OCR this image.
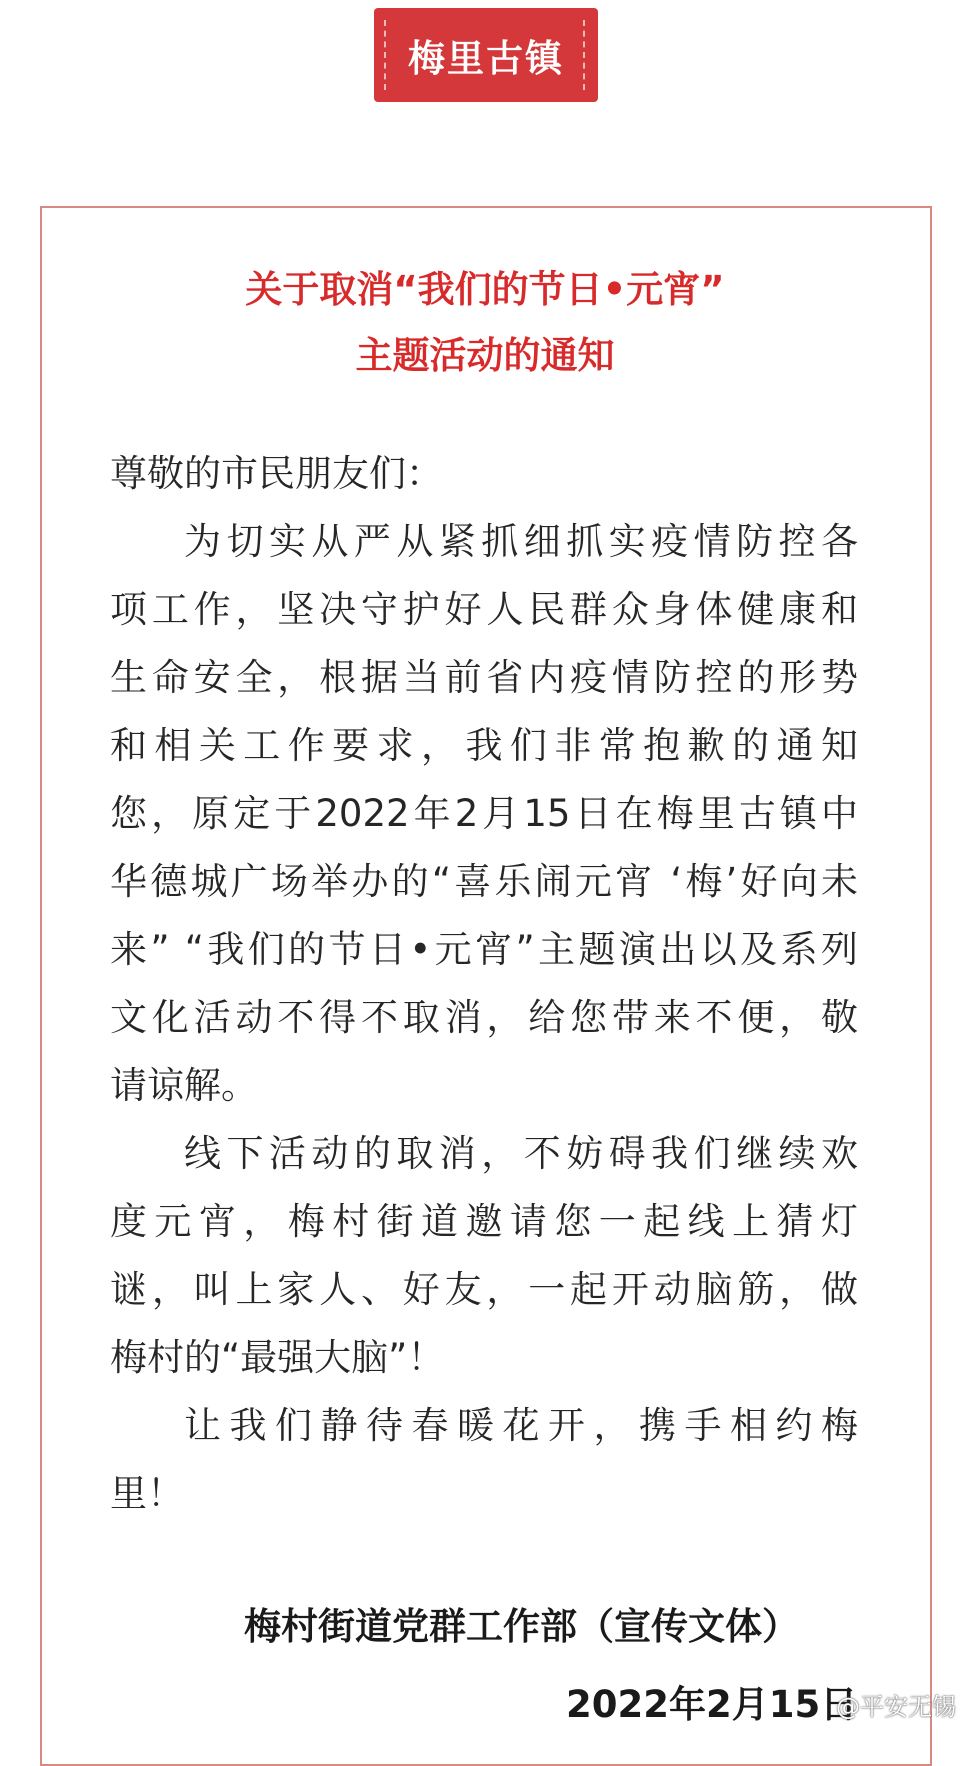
梅里古镇
关于取消“我们的节日•元宵”
主题活动的通知
尊敬的市民朋友们：
为切实从严从紧抓细抓实疫情防控各
项工作，坚决守护好人民群众身体健康和
生命安全，根据当前省内疫情防控的形势
和相关工作要求，我们非常抱歉的通知
您，原定于2022年2月15日在梅里古镇中
华德城广场举办的“喜乐闹元宵 ‘梅’好向未
来” “我们的节日•元宵”主题演出以及系列
文化活动不得不取消，给您带来不便，敬
请谅解。
线下活动的取消，不妨碍我们继续欢
度元宵，梅村街道邀请您一起线上猜灯
谜，叫上家人、好友，一起开动脑筋，做
梅村的“最强大脑”！
让我们静待春暖花开，携手相约梅
里！
梅村街道党群工作部（宣传文体）
2022年2月15日
@平安无锡
